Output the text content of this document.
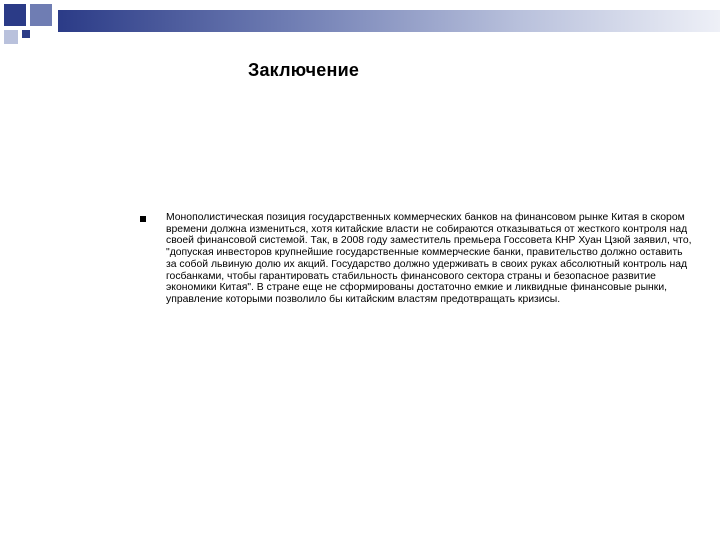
Заключение
Монополистическая позиция государственных коммерческих банков на финансовом рынке Китая в скором времени должна измениться, хотя китайские власти не собираются отказываться от жесткого контроля над своей финансовой системой. Так, в 2008 году заместитель премьера Госсовета КНР Хуан Цзюй заявил, что, "допуская инвесторов крупнейшие государственные коммерческие банки, правительство должно оставить за собой львиную долю их акций. Государство должно удерживать в своих руках абсолютный контроль над госбанками, чтобы гарантировать стабильность финансового сектора страны и безопасное развитие экономики Китая". В стране еще не сформированы достаточно емкие и ликвидные финансовые рынки, управление которыми позволило бы китайским властям предотвращать кризисы.
